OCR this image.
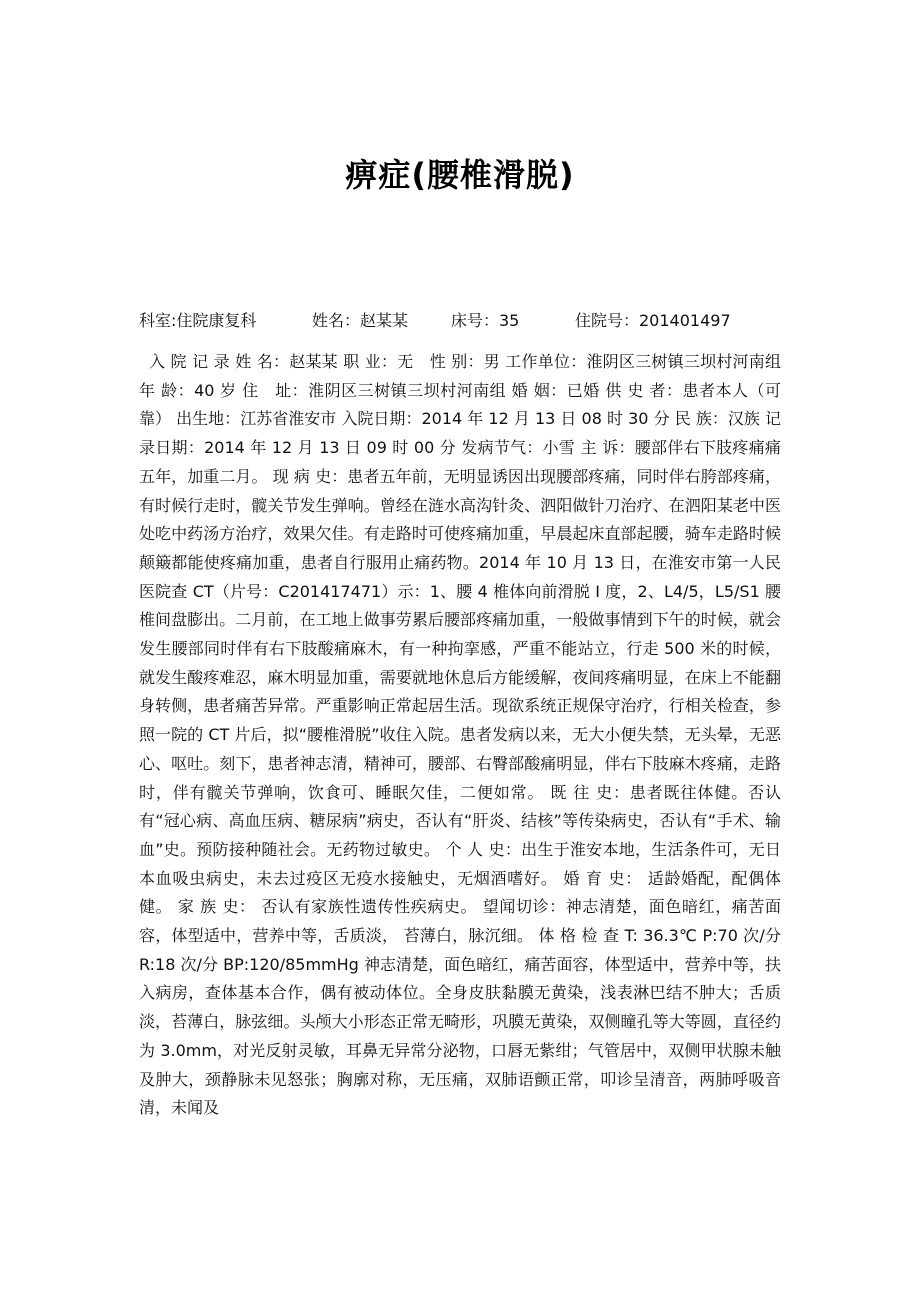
痹症(腰椎滑脱)
科室:住院康复科	姓名：赵某某	床号：35	住院号：201401497

入 院 记 录 姓 名：赵某某 职 业：无　性 别：男 工作单位：淮阴区三树镇三坝村河南组 年 龄：40 岁 住　址：淮阴区三树镇三坝村河南组 婚 姻：已婚 供 史 者：患者本人（可靠） 出生地：江苏省淮安市 入院日期：2014 年 12 月 13 日 08 时 30 分 民 族：汉族 记录日期：2014 年 12 月 13 日 09 时 00 分 发病节气：小雪 主 诉：腰部伴右下肢疼痛痛五年，加重二月。 现 病 史：患者五年前，无明显诱因出现腰部疼痛，同时伴右胯部疼痛，有时候行走时，髋关节发生弹响。曾经在涟水高沟针灸、泗阳做针刀治疗、在泗阳某老中医处吃中药汤方治疗，效果欠佳。有走路时可使疼痛加重，早晨起床直部起腰，骑车走路时候颠簸都能使疼痛加重，患者自行服用止痛药物。2014 年 10 月 13 日，在淮安市第一人民医院查 CT（片号：C201417471）示：1、腰 4 椎体向前滑脱 I 度，2、L4/5，L5/S1 腰椎间盘膨出。二月前，在工地上做事劳累后腰部疼痛加重，一般做事情到下午的时候，就会发生腰部同时伴有右下肢酸痛麻木，有一种拘挛感，严重不能站立，行走 500 米的时候，就发生酸疼难忍，麻木明显加重，需要就地休息后方能缓解，夜间疼痛明显，在床上不能翻身转侧，患者痛苦异常。严重影响正常起居生活。现欲系统正规保守治疗，行相关检查，参照一院的 CT 片后，拟“腰椎滑脱”收住入院。患者发病以来，无大小便失禁，无头晕，无恶心、呕吐。刻下，患者神志清，精神可，腰部、右臀部酸痛明显，伴右下肢麻木疼痛，走路时，伴有髋关节弹响，饮食可、睡眠欠佳，二便如常。 既 往 史：患者既往体健。否认有“冠心病、高血压病、糖尿病”病史，否认有“肝炎、结核”等传染病史，否认有“手术、输血”史。预防接种随社会。无药物过敏史。 个 人 史：出生于淮安本地，生活条件可，无日本血吸虫病史，未去过疫区无疫水接触史，无烟酒嗜好。 婚 育 史： 适龄婚配，配偶体健。 家 族 史： 否认有家族性遗传性疾病史。 望闻切诊：神志清楚，面色暗红，痛苦面容，体型适中，营养中等，舌质淡， 苔薄白，脉沉细。 体 格 检 查 T: 36.3℃ P:70 次/分 R:18 次/分 BP:120/85mmHg 神志清楚，面色暗红，痛苦面容，体型适中，营养中等，扶入病房，查体基本合作，偶有被动体位。全身皮肤黏膜无黄染，浅表淋巴结不肿大；舌质淡，苔薄白，脉弦细。头颅大小形态正常无畸形，巩膜无黄染，双侧瞳孔等大等圆，直径约为 3.0mm，对光反射灵敏，耳鼻无异常分泌物，口唇无紫绀；气管居中，双侧甲状腺未触及肿大，颈静脉未见怒张；胸廓对称，无压痛，双肺语颤正常，叩诊呈清音，两肺呼吸音清，未闻及
